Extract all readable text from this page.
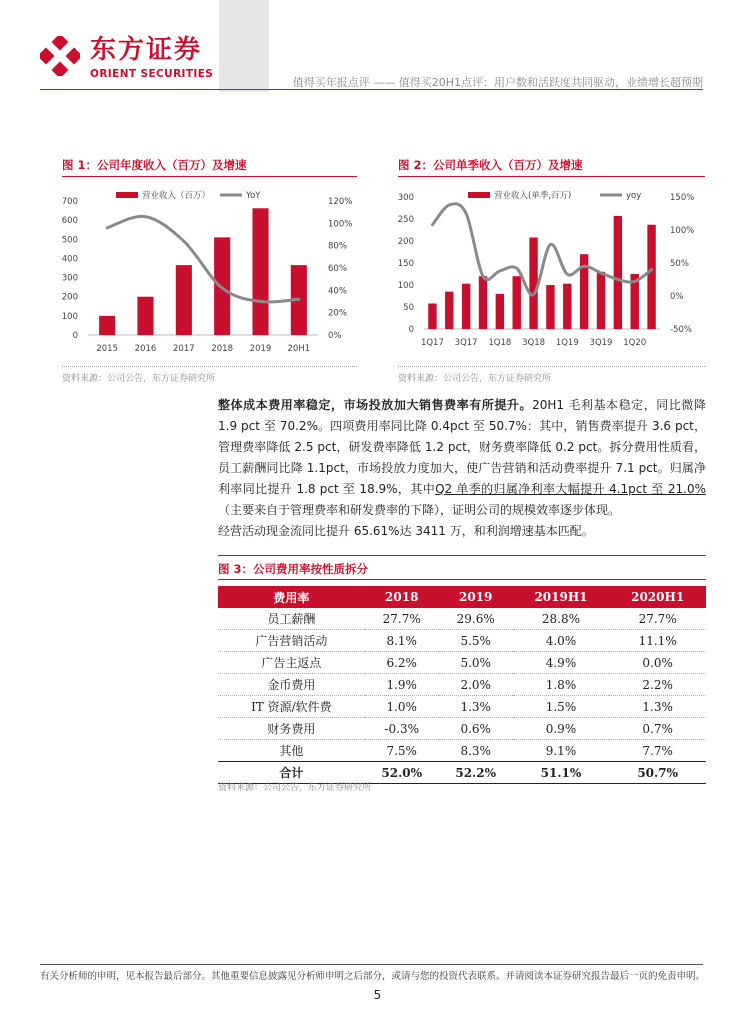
东方证券
ORIENT SECURITIES
值得买年报点评 —— 值得买20H1点评：用户数和活跃度共同驱动，业绩增长超预期
图 1：公司年度收入（百万）及增速
0
100
200
300
400
500
600
700
0%
20%
40%
60%
80%
100%
120%
2015 2016 2017 2018 2019 20H1
营业收入（百万）	YoY
资料来源：公司公告，东方证券研究所
图 2：公司单季收入（百万）及增速
0
50
100
150
200
250
300
-50%
0%
50%
100%
150%
1Q17 3Q17 1Q18 3Q18 1Q19 3Q19 1Q20
营业收入(单季,百万)	yoy
资料来源：公司公告，东方证券研究所
整体成本费用率稳定，市场投放加大销售费率有所提升。20H1 毛利基本稳定，同比微降 1.9 pct 至 70.2%。四项费用率同比降 0.4pct 至 50.7%：其中，销售费率提升 3.6 pct，管理费率降低 2.5 pct，研发费率降低 1.2 pct，财务费率降低 0.2 pct。拆分费用性质看，员工薪酬同比降 1.1pct，市场投放力度加大，使广告营销和活动费率提升 7.1 pct。归属净利率同比提升 1.8 pct 至 18.9%，其中Q2 单季的归属净利率大幅提升 4.1pct 至 21.0%（主要来自于管理费率和研发费率的下降），证明公司的规模效率逐步体现。
经营活动现金流同比提升 65.61%达 3411 万，和利润增速基本匹配。
图 3：公司费用率按性质拆分
费用率	2018	2019	2019H1	2020H1
员工薪酬	27.7%	29.6%	28.8%	27.7%
广告营销活动	8.1%	5.5%	4.0%	11.1%
广告主返点	6.2%	5.0%	4.9%	0.0%
金币费用	1.9%	2.0%	1.8%	2.2%
IT 资源/软件费	1.0%	1.3%	1.5%	1.3%
财务费用	-0.3%	0.6%	0.9%	0.7%
其他	7.5%	8.3%	9.1%	7.7%
合计	52.0%	52.2%	51.1%	50.7%
资料来源：公司公告，东方证券研究所
有关分析师的申明，见本报告最后部分。其他重要信息披露见分析师申明之后部分，或请与您的投资代表联系。并请阅读本证券研究报告最后一页的免责申明。
5
